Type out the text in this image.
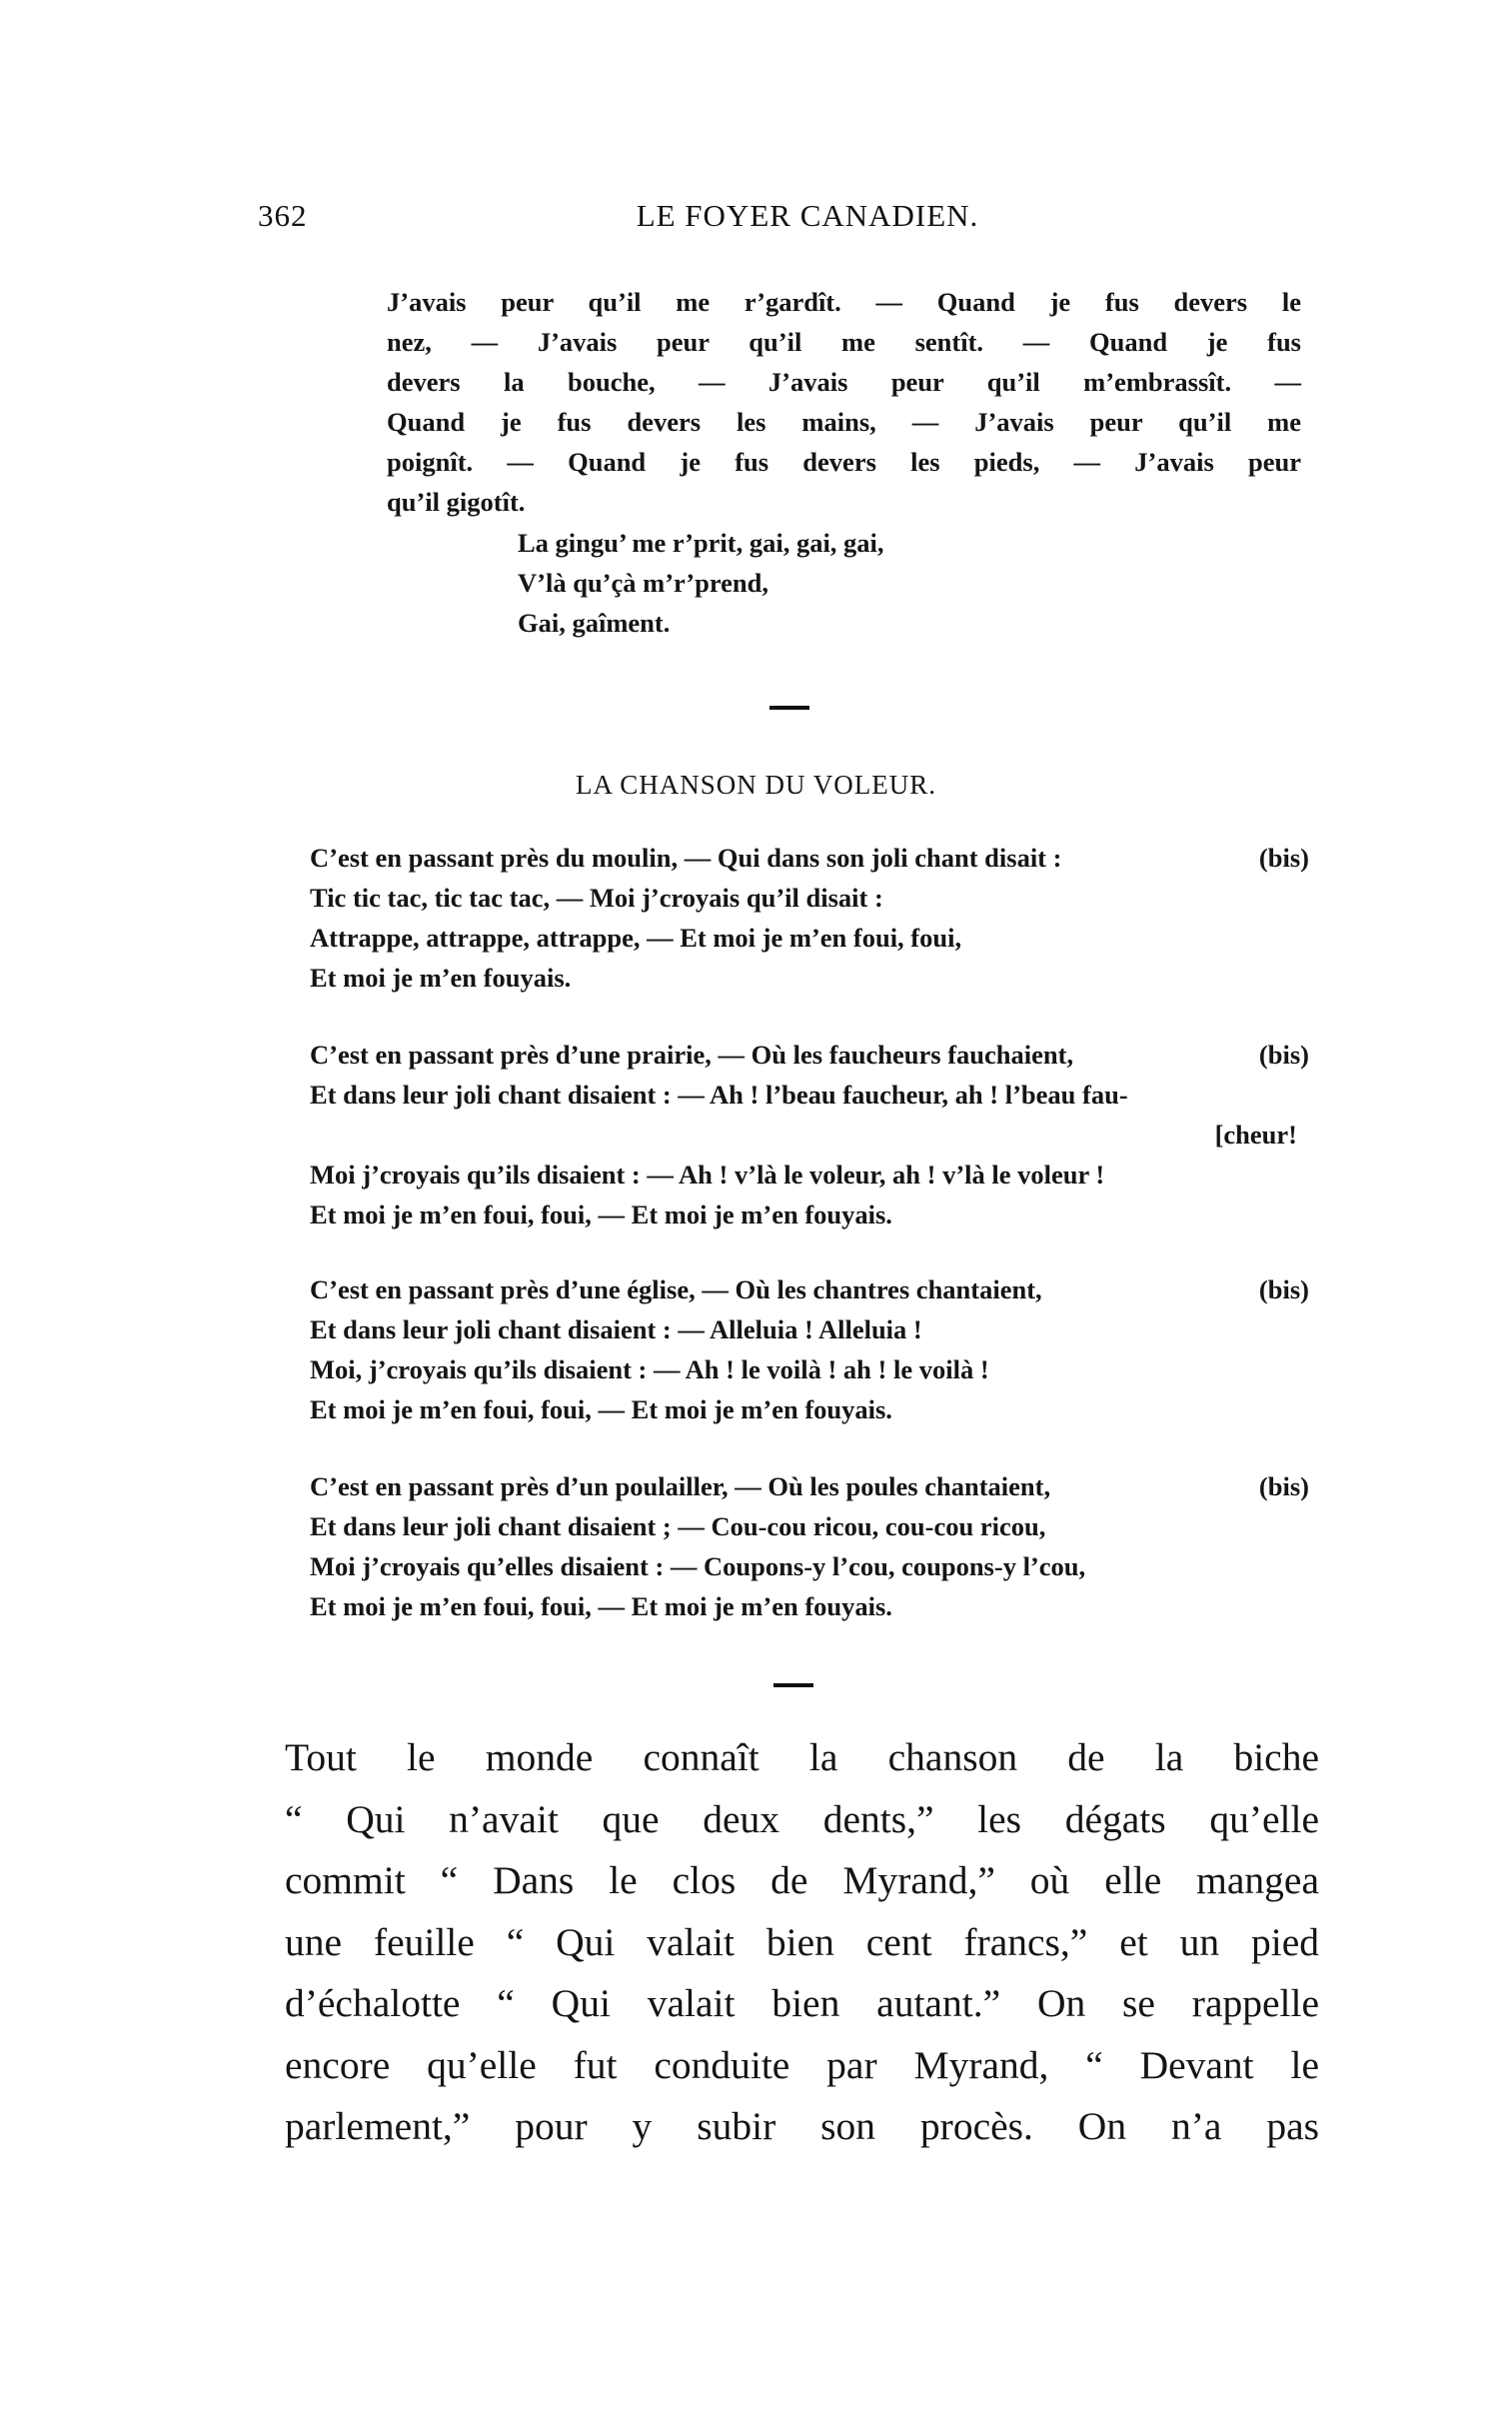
362	LE FOYER CANADIEN.
J’avais peur qu’il me r’gardît. — Quand je fus devers le
nez, — J’avais peur qu’il me sentît. — Quand je fus
devers la bouche, — J’avais peur qu’il m’embrassît. —
Quand je fus devers les mains, — J’avais peur qu’il me
poignît. — Quand je fus devers les pieds, — J’avais peur
qu’il gigotît.
La gingu’ me r’prit, gai, gai, gai,
V’là qu’çà m’r’prend,
Gai, gaîment.
LA CHANSON DU VOLEUR.
C’est en passant près du moulin, — Qui dans son joli chant disait :	(bis)
Tic tic tac, tic tac tac, — Moi j’croyais qu’il disait :
Attrappe, attrappe, attrappe, — Et moi je m’en foui, foui,
Et moi je m’en fouyais.
C’est en passant près d’une prairie, — Où les faucheurs fauchaient,	(bis)
Et dans leur joli chant disaient : — Ah ! l’beau faucheur, ah ! l’beau fau-
[cheur!
Moi j’croyais qu’ils disaient : — Ah ! v’là le voleur, ah ! v’là le voleur !
Et moi je m’en foui, foui, — Et moi je m’en fouyais.
C’est en passant près d’une église, — Où les chantres chantaient,	(bis)
Et dans leur joli chant disaient : — Alleluia ! Alleluia !
Moi, j’croyais qu’ils disaient : — Ah ! le voilà ! ah ! le voilà !
Et moi je m’en foui, foui, — Et moi je m’en fouyais.
C’est en passant près d’un poulailler, — Où les poules chantaient,	(bis)
Et dans leur joli chant disaient ; — Cou-cou ricou, cou-cou ricou,
Moi j’croyais qu’elles disaient : — Coupons-y l’cou, coupons-y l’cou,
Et moi je m’en foui, foui, — Et moi je m’en fouyais.
Tout le monde connaît la chanson de la biche
“ Qui n’avait que deux dents,” les dégats qu’elle
commit “ Dans le clos de Myrand,” où elle mangea
une feuille “ Qui valait bien cent francs,” et un pied
d’échalotte “ Qui valait bien autant.” On se rappelle
encore qu’elle fut conduite par Myrand, “ Devant le
parlement,” pour y subir son procès. On n’a pas
